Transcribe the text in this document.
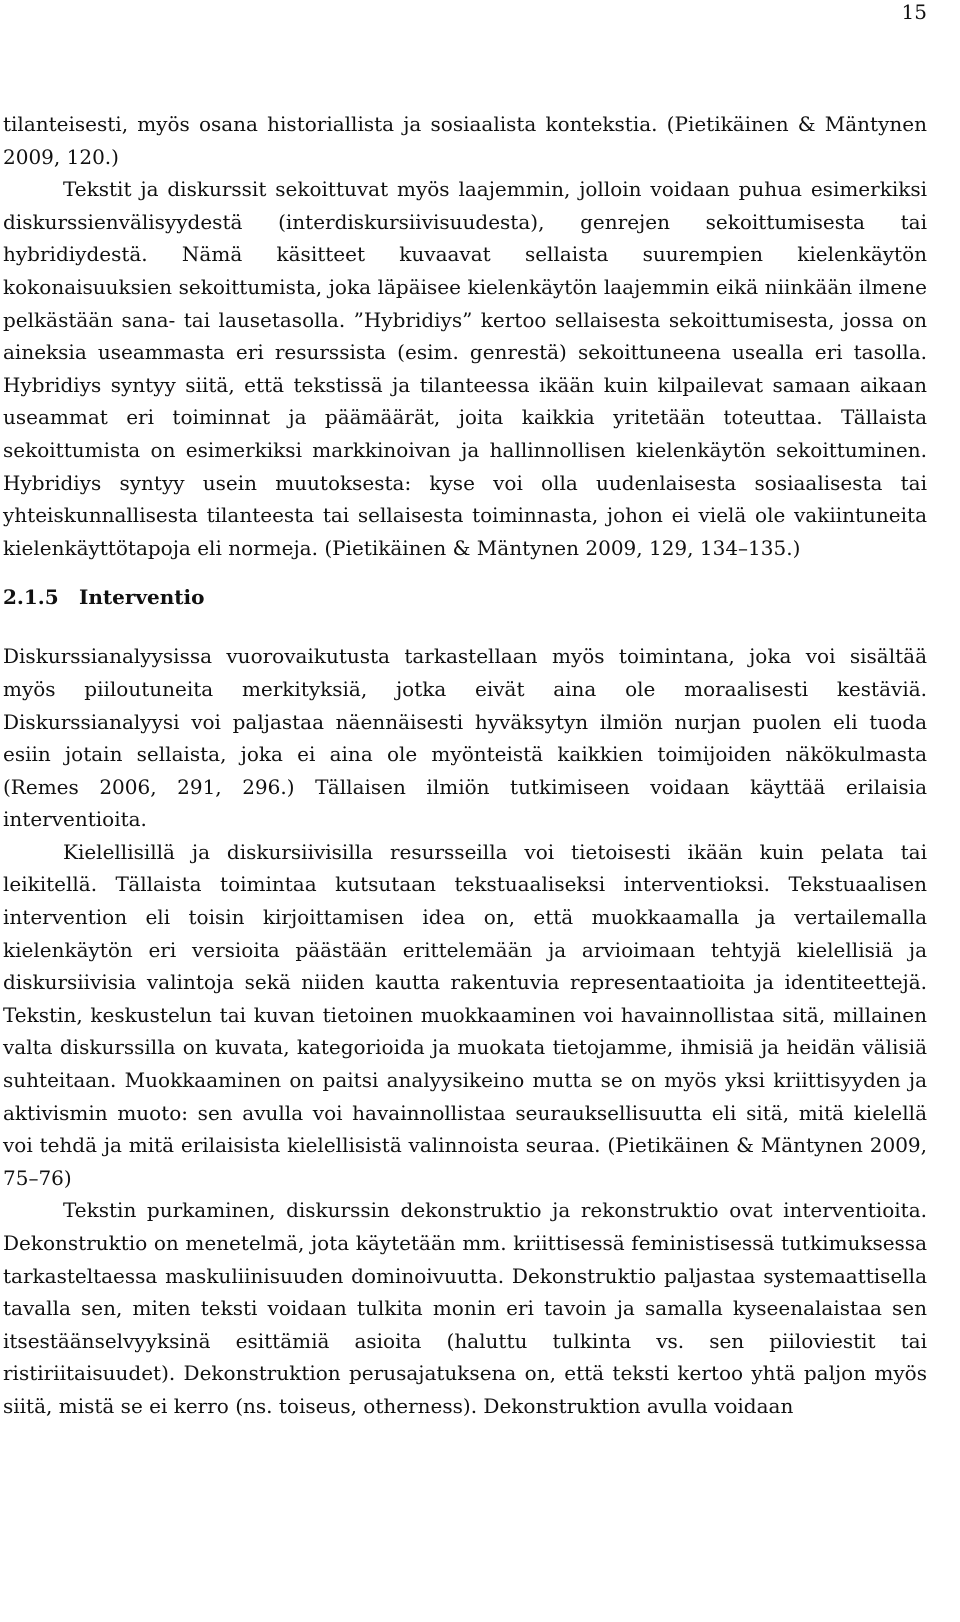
15

tilanteisesti, myös osana historiallista ja sosiaalista kontekstia. (Pietikäinen & Mäntynen 2009, 120.)

Tekstit ja diskurssit sekoittuvat myös laajemmin, jolloin voidaan puhua esimerkiksi diskurssienvälisyydestä (interdiskursiivisuudesta), genrejen sekoittumisesta tai hybridiydestä. Nämä käsitteet kuvaavat sellaista suurempien kielenkäytön kokonaisuuksien sekoittumista, joka läpäisee kielenkäytön laajemmin eikä niinkään ilmene pelkästään sana- tai lausetasolla. ”Hybridiys” kertoo sellaisesta sekoittumisesta, jossa on aineksia useammasta eri resurssista (esim. genrestä) sekoittuneena usealla eri tasolla. Hybridiys syntyy siitä, että tekstissä ja tilanteessa ikään kuin kilpailevat samaan aikaan useammat eri toiminnat ja päämäärät, joita kaikkia yritetään toteuttaa. Tällaista sekoittumista on esimerkiksi markkinoivan ja hallinnollisen kielenkäytön sekoittuminen. Hybridiys syntyy usein muutoksesta: kyse voi olla uudenlaisesta sosiaalisesta tai yhteiskunnallisesta tilanteesta tai sellaisesta toiminnasta, johon ei vielä ole vakiintuneita kielenkäyttötapoja eli normeja. (Pietikäinen & Mäntynen 2009, 129, 134–135.)

2.1.5 Interventio

Diskurssianalyysissa vuorovaikutusta tarkastellaan myös toimintana, joka voi sisältää myös piiloutuneita merkityksiä, jotka eivät aina ole moraalisesti kestäviä. Diskurssianalyysi voi paljastaa näennäisesti hyväksytyn ilmiön nurjan puolen eli tuoda esiin jotain sellaista, joka ei aina ole myönteistä kaikkien toimijoiden näkökulmasta (Remes 2006, 291, 296.) Tällaisen ilmiön tutkimiseen voidaan käyttää erilaisia interventioita.

Kielellisillä ja diskursiivisilla resursseilla voi tietoisesti ikään kuin pelata tai leikitellä. Tällaista toimintaa kutsutaan tekstuaaliseksi interventioksi. Tekstuaalisen intervention eli toisin kirjoittamisen idea on, että muokkaamalla ja vertailemalla kielenkäytön eri versioita päästään erittelemään ja arvioimaan tehtyjä kielellisiä ja diskursiivisia valintoja sekä niiden kautta rakentuvia representaatioita ja identiteettejä. Tekstin, keskustelun tai kuvan tietoinen muokkaaminen voi havainnollistaa sitä, millainen valta diskurssilla on kuvata, kategorioida ja muokata tietojamme, ihmisiä ja heidän välisiä suhteitaan. Muokkaaminen on paitsi analyysikeino mutta se on myös yksi kriittisyyden ja aktivismin muoto: sen avulla voi havainnollistaa seurauksellisuutta eli sitä, mitä kielellä voi tehdä ja mitä erilaisista kielellisistä valinnoista seuraa. (Pietikäinen & Mäntynen 2009, 75–76)

Tekstin purkaminen, diskurssin dekonstruktio ja rekonstruktio ovat interventioita. Dekonstruktio on menetelmä, jota käytetään mm. kriittisessä feministisessä tutkimuksessa tarkasteltaessa maskuliinisuuden dominoivuutta. Dekonstruktio paljastaa systemaattisella tavalla sen, miten teksti voidaan tulkita monin eri tavoin ja samalla kyseenalaistaa sen itsestäänselvyyksinä esittämiä asioita (haluttu tulkinta vs. sen piiloviestit tai ristiriitaisuudet). Dekonstruktion perusajatuksena on, että teksti kertoo yhtä paljon myös siitä, mistä se ei kerro (ns. toiseus, otherness). Dekonstruktion avulla voidaan
